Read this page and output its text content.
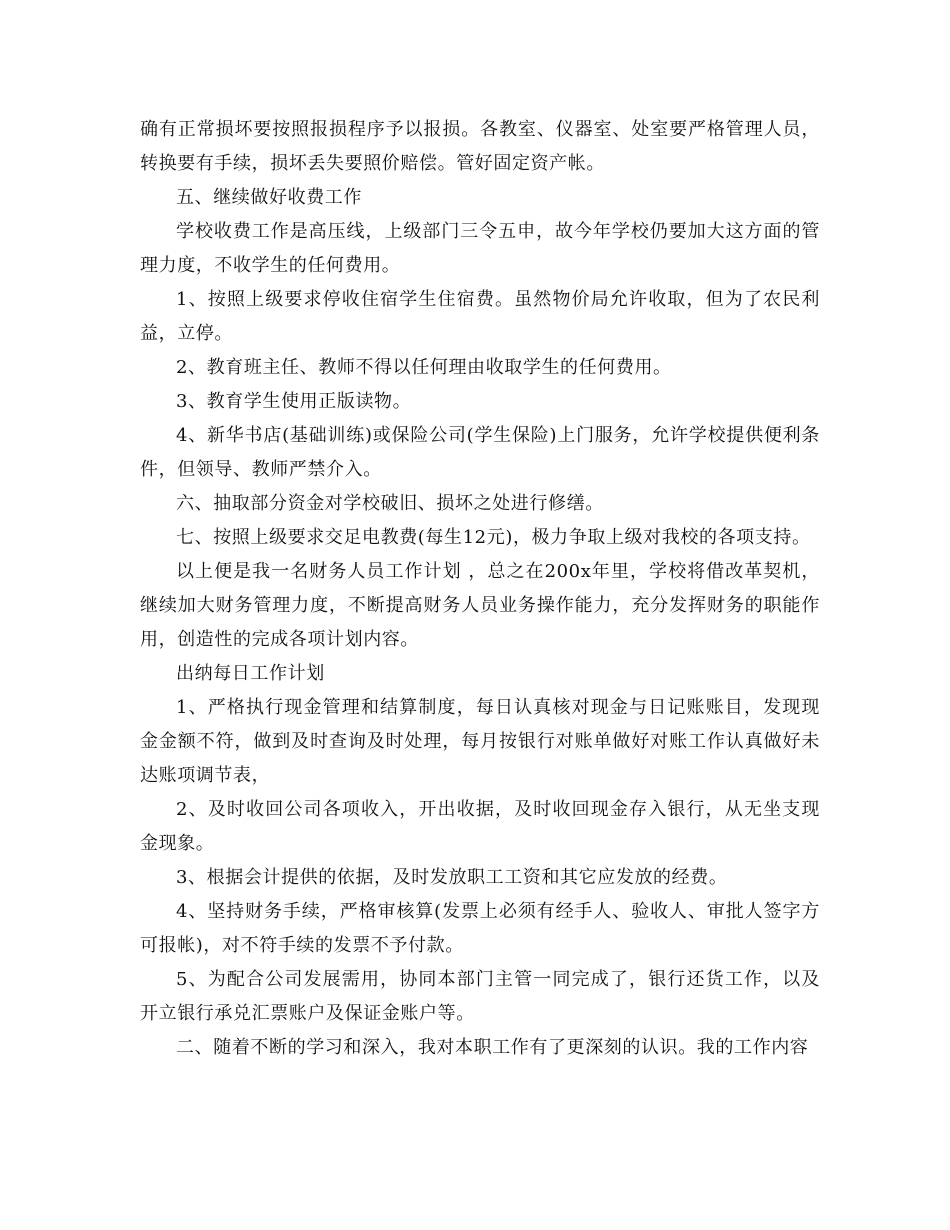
确有正常损坏要按照报损程序予以报损。各教室、仪器室、处室要严格管理人员，转换要有手续，损坏丢失要照价赔偿。管好固定资产帐。

五、继续做好收费工作

学校收费工作是高压线，上级部门三令五申，故今年学校仍要加大这方面的管理力度，不收学生的任何费用。

1、按照上级要求停收住宿学生住宿费。虽然物价局允许收取，但为了农民利益，立停。

2、教育班主任、教师不得以任何理由收取学生的任何费用。

3、教育学生使用正版读物。

4、新华书店(基础训练)或保险公司(学生保险)上门服务，允许学校提供便利条件，但领导、教师严禁介入。

六、抽取部分资金对学校破旧、损坏之处进行修缮。

七、按照上级要求交足电教费(每生12元)，极力争取上级对我校的各项支持。

以上便是我一名财务人员工作计划 ，总之在200x年里，学校将借改革契机，继续加大财务管理力度，不断提高财务人员业务操作能力，充分发挥财务的职能作用，创造性的完成各项计划内容。

出纳每日工作计划

1、严格执行现金管理和结算制度，每日认真核对现金与日记账账目，发现现金金额不符，做到及时查询及时处理，每月按银行对账单做好对账工作认真做好未达账项调节表，

2、及时收回公司各项收入，开出收据，及时收回现金存入银行，从无坐支现金现象。

3、根据会计提供的依据，及时发放职工工资和其它应发放的经费。

4、坚持财务手续，严格审核算(发票上必须有经手人、验收人、审批人签字方可报帐)，对不符手续的发票不予付款。

5、为配合公司发展需用，协同本部门主管一同完成了，银行还货工作，以及开立银行承兑汇票账户及保证金账户等。

二、随着不断的学习和深入，我对本职工作有了更深刻的认识。我的工作内容
